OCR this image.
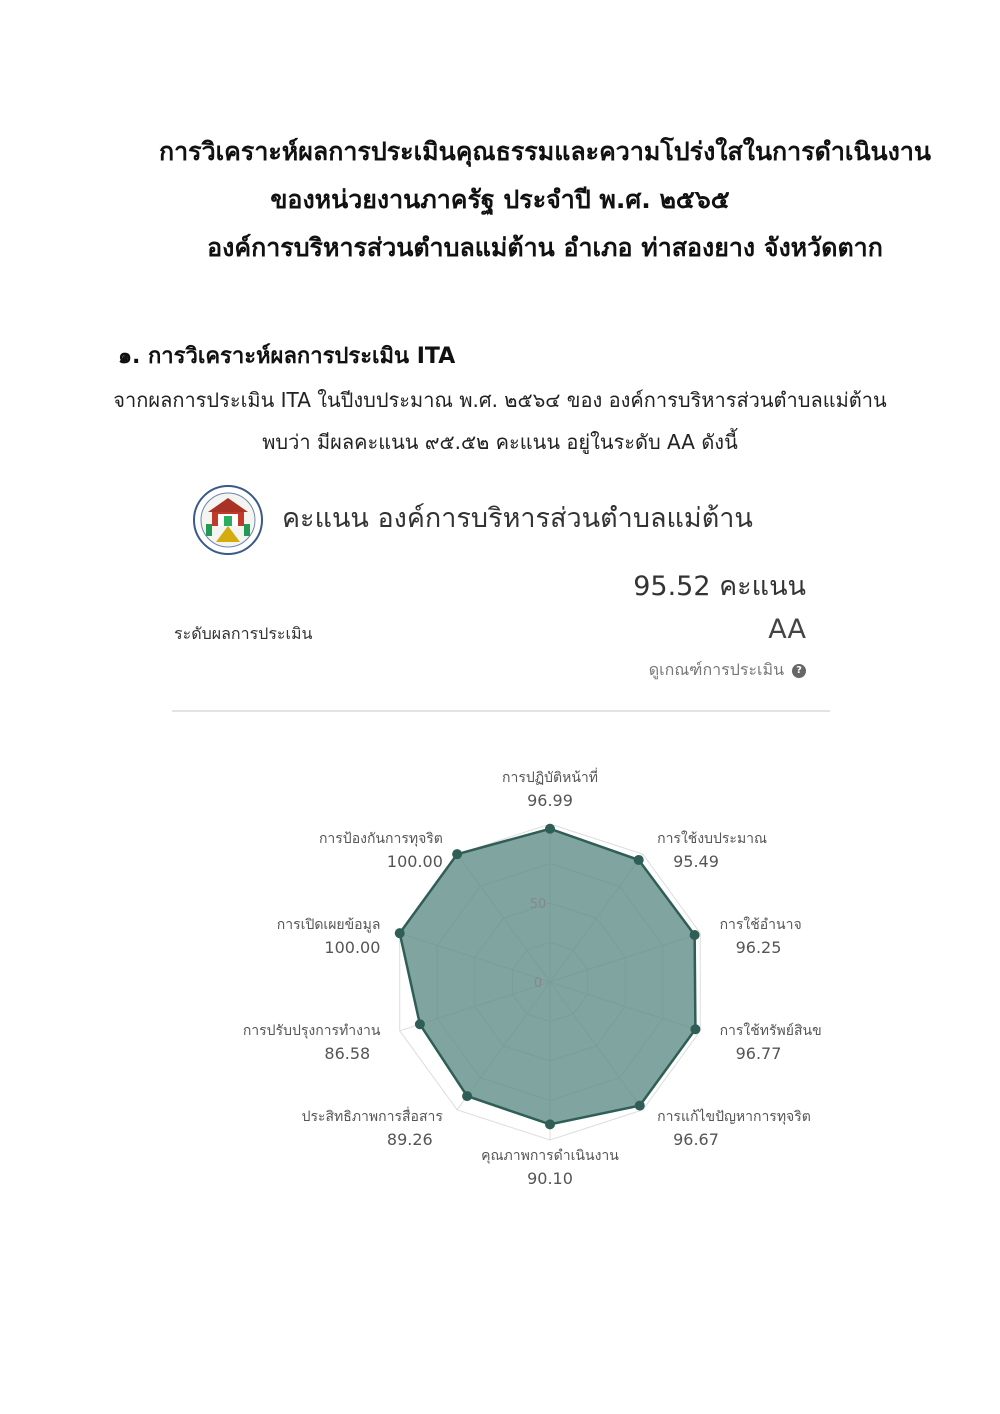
การวิเคราะห์ผลการประเมินคุณธรรมและความโปร่งใสในการดำเนินงาน
ของหน่วยงานภาครัฐ ประจำปี พ.ศ. ๒๕๖๕
องค์การบริหารส่วนตำบลแม่ต้าน อำเภอ ท่าสองยาง จังหวัดตาก
๑. การวิเคราะห์ผลการประเมิน ITA
จากผลการประเมิน ITA ในปีงบประมาณ พ.ศ. ๒๕๖๔ ของ องค์การบริหารส่วนตำบลแม่ต้าน
พบว่า มีผลคะแนน ๙๕.๕๒ คะแนน อยู่ในระดับ AA ดังนี้
คะแนน องค์การบริหารส่วนตำบลแม่ต้าน
95.52 คะแนน
ระดับผลการประเมิน	AA
ดูเกณฑ์การประเมิน	?
0
50
การปฏิบัติหน้าที่
96.99
การใช้งบประมาณ
95.49
การใช้อำนาจ
96.25
การใช้ทรัพย์สินข
96.77
การแก้ไขปัญหาการทุจริต
96.67
คุณภาพการดำเนินงาน
90.10
ประสิทธิภาพการสื่อสาร
89.26
การปรับปรุงการทำงาน
86.58
การเปิดเผยข้อมูล
100.00
การป้องกันการทุจริต
100.00
